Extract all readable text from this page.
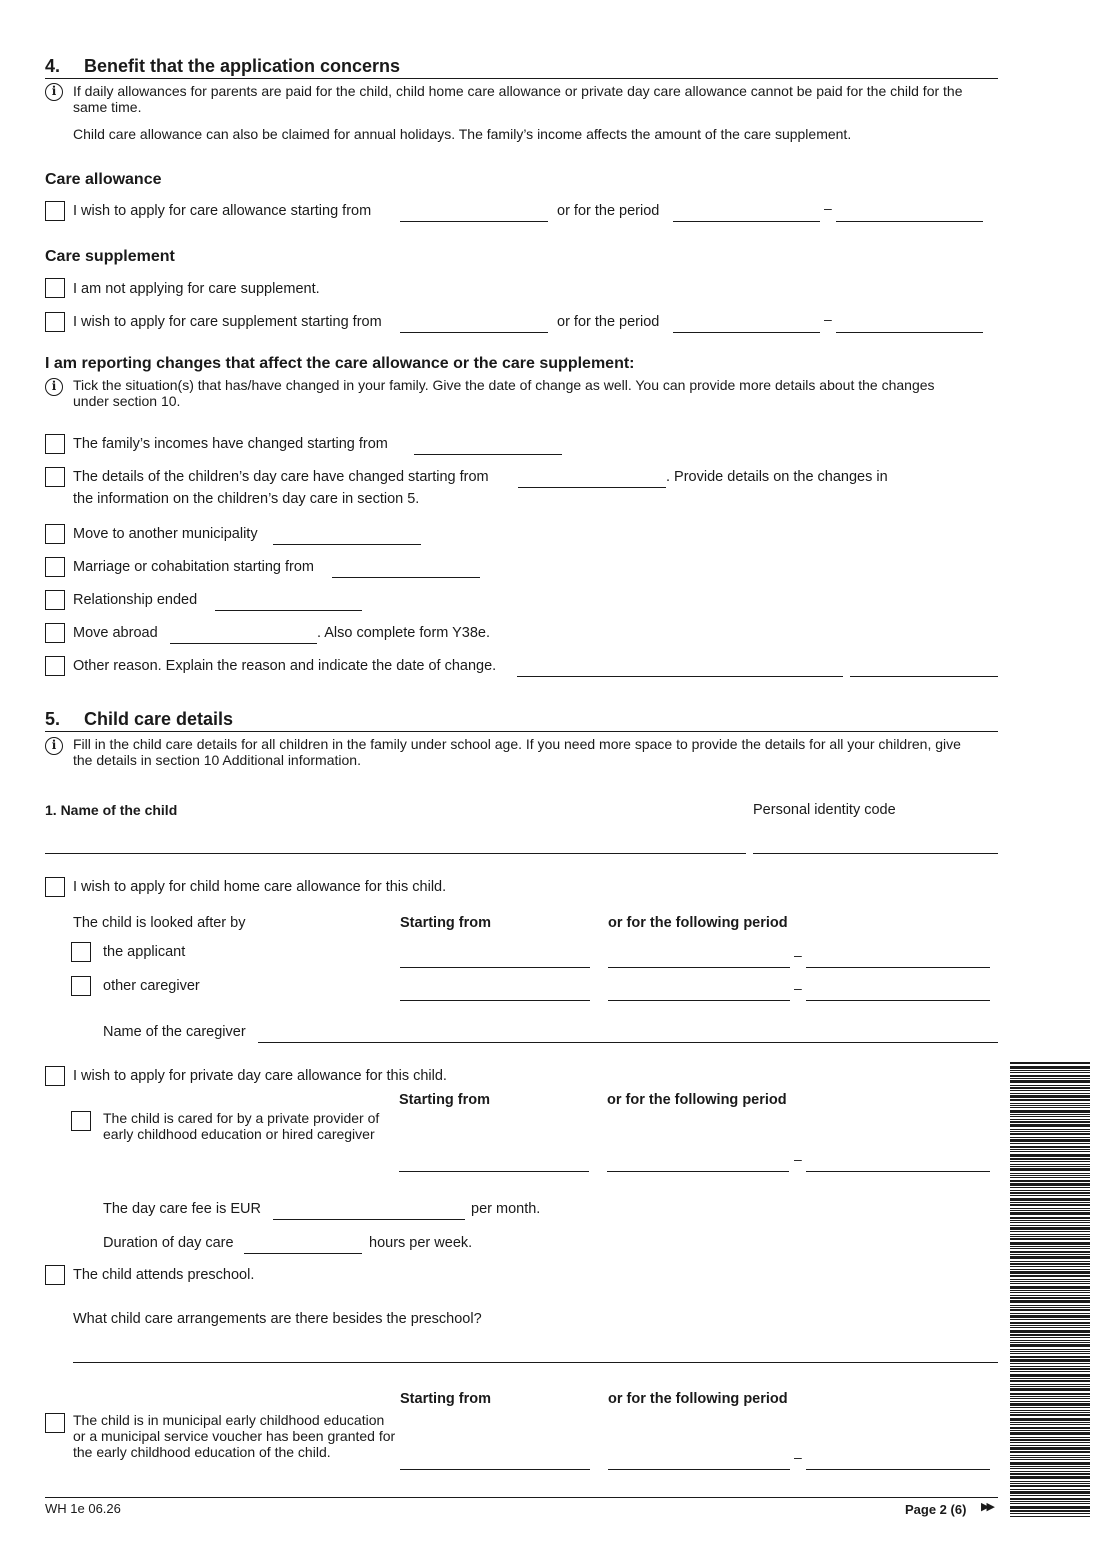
4. Benefit that the application concerns
i	If daily allowances for parents are paid for the child, child home care allowance or private day care allowance cannot be paid for the child for the same time.
Child care allowance can also be claimed for annual holidays. The family’s income affects the amount of the care supplement.
Care allowance
I wish to apply for care allowance starting from	or for the period	–
Care supplement
I am not applying for care supplement.
I wish to apply for care supplement starting from	or for the period	–
I am reporting changes that affect the care allowance or the care supplement:
i	Tick the situation(s) that has/have changed in your family. Give the date of change as well. You can provide more details about the changes under section 10.
The family’s incomes have changed starting from
The details of the children’s day care have changed starting from	. Provide details on the changes in
the information on the children’s day care in section 5.
Move to another municipality
Marriage or cohabitation starting from
Relationship ended
Move abroad	. Also complete form Y38e.
Other reason. Explain the reason and indicate the date of change.
5. Child care details
i	Fill in the child care details for all children in the family under school age. If you need more space to provide the details for all your children, give the details in section 10 Additional information.
1. Name of the child	Personal identity code
I wish to apply for child home care allowance for this child.
The child is looked after by	Starting from	or for the following period
the applicant	–
other caregiver	–
Name of the caregiver
I wish to apply for private day care allowance for this child.
Starting from	or for the following period
The child is cared for by a private provider of early childhood education or hired caregiver
–
The day care fee is EUR	per month.
Duration of day care	hours per week.
The child attends preschool.
What child care arrangements are there besides the preschool?
Starting from	or for the following period
The child is in municipal early childhood education or a municipal service voucher has been granted for the early childhood education of the child.	–
WH 1e 06.26	Page 2 (6) ▶▶
